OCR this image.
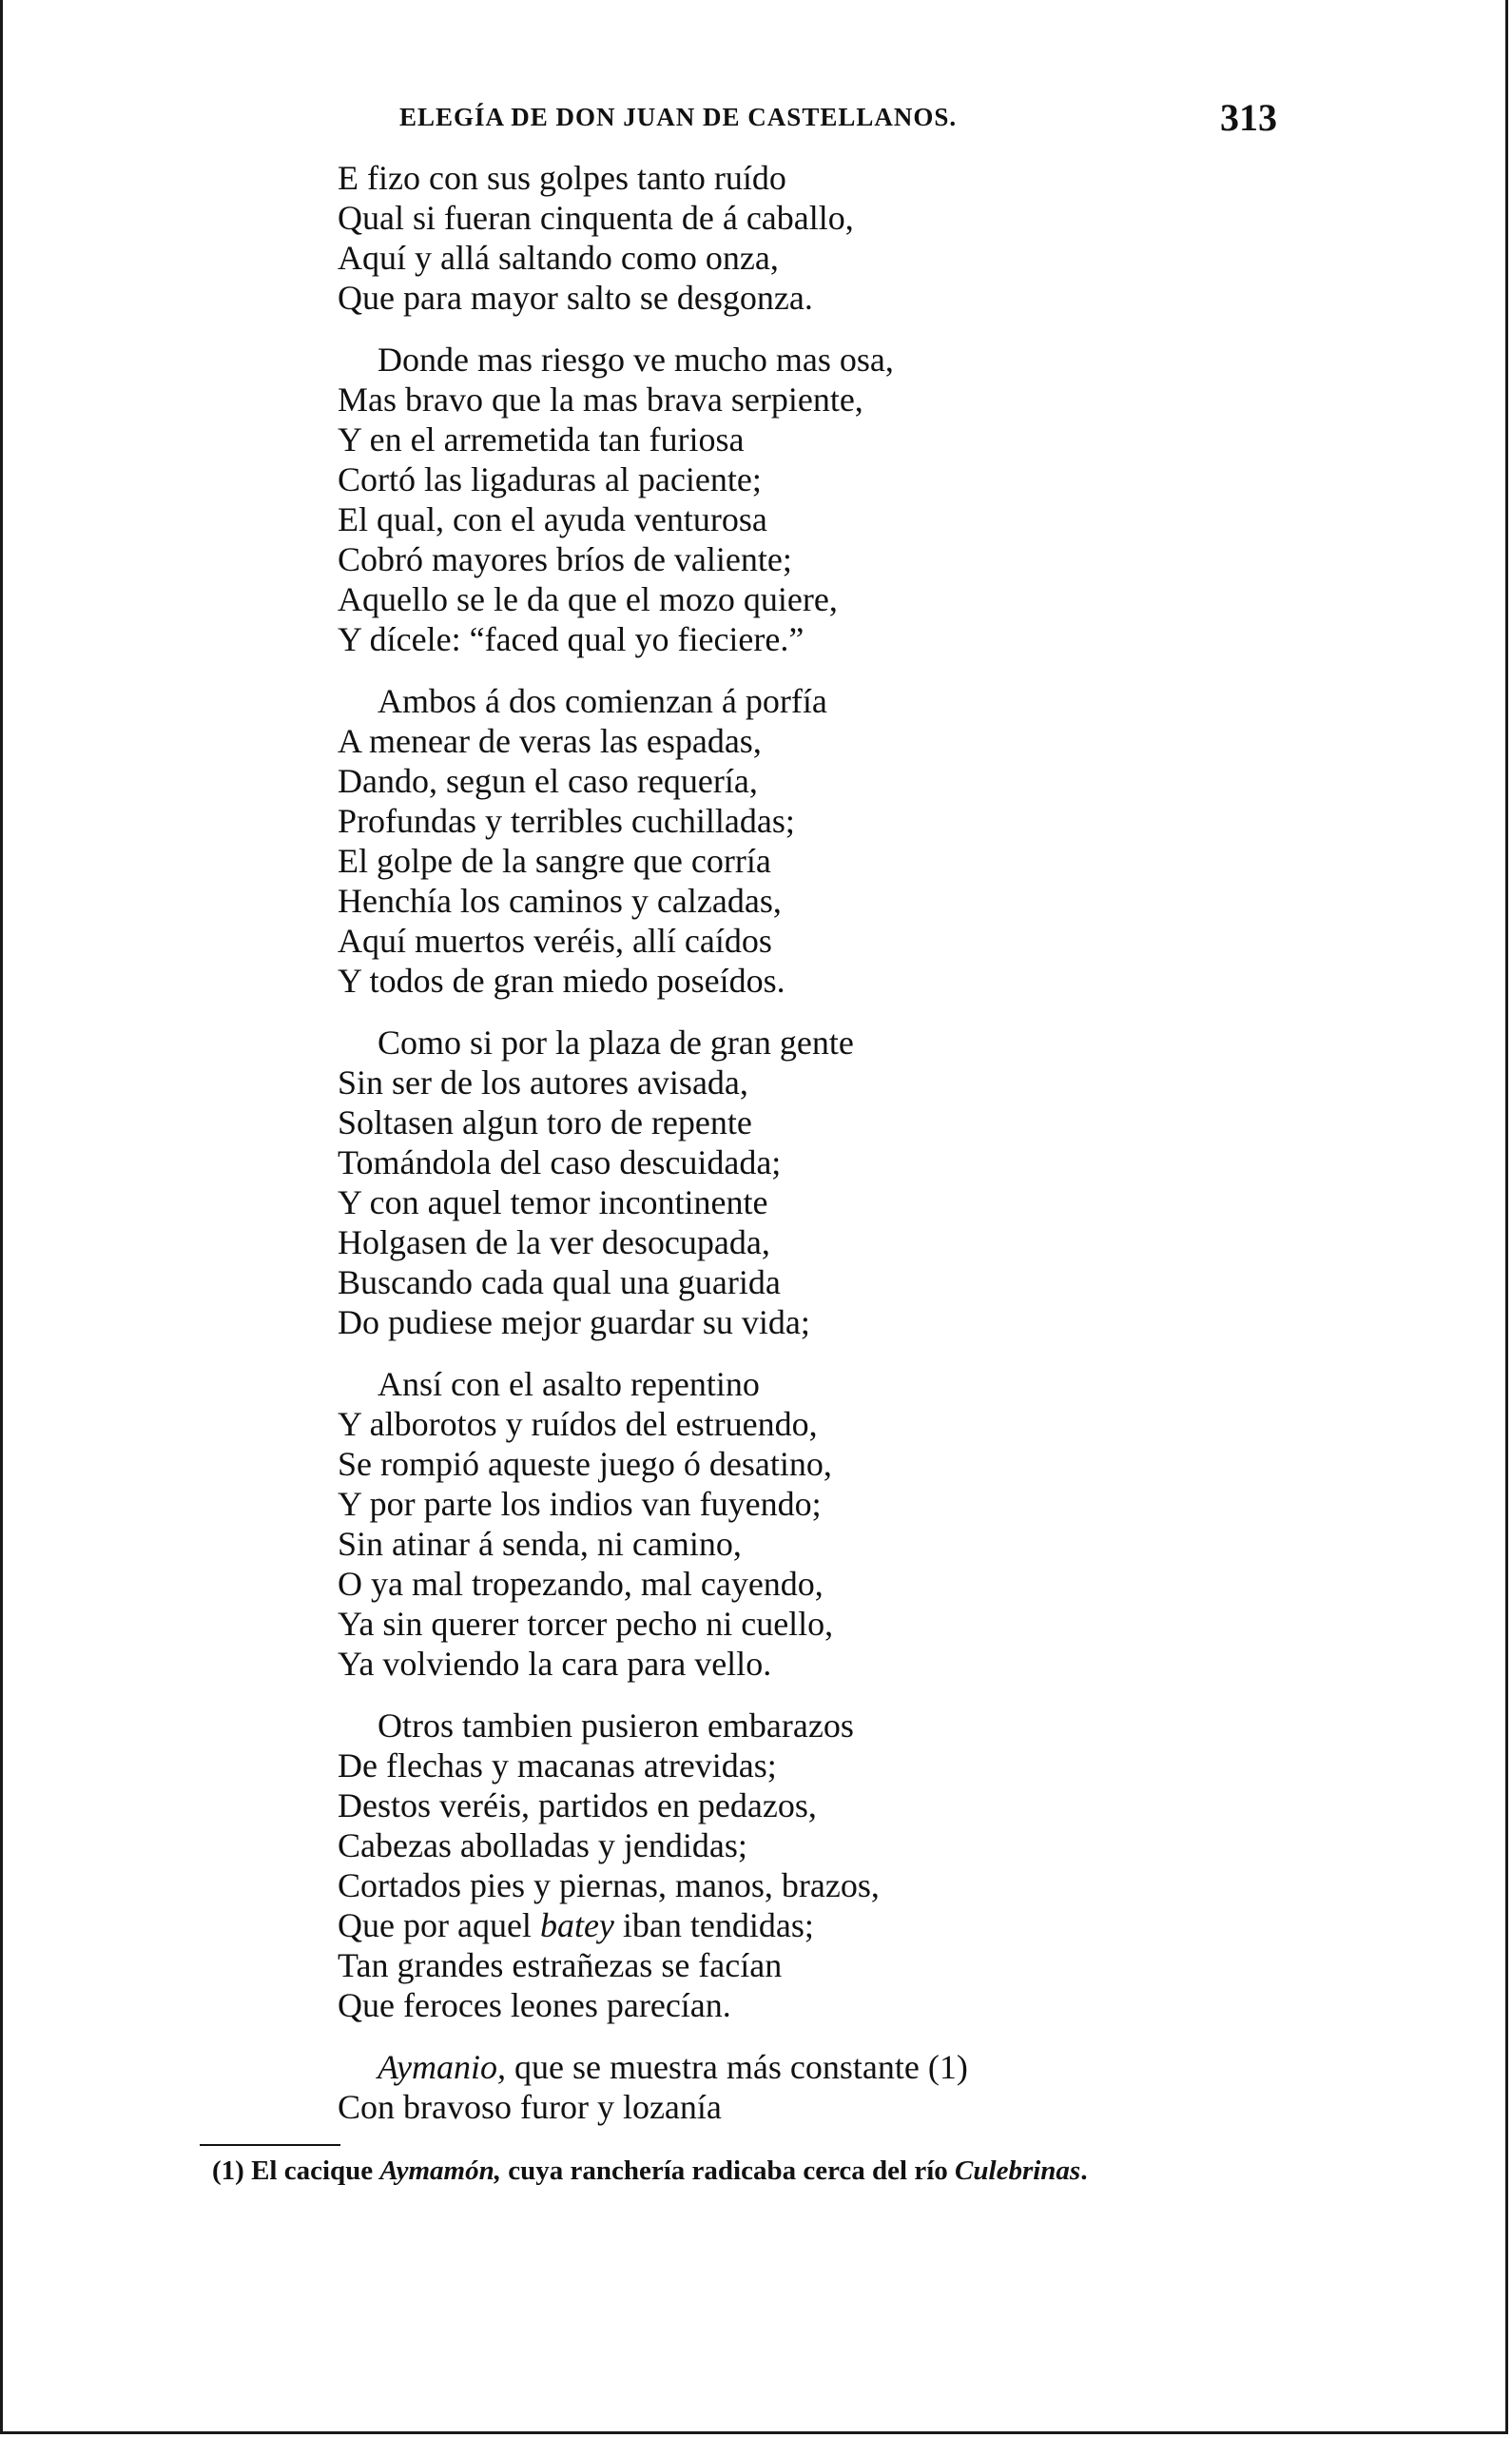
ELEGÍA DE DON JUAN DE CASTELLANOS.	313
E fizo con sus golpes tanto ruído
Qual si fueran cinquenta de á caballo,
Aquí y allá saltando como onza,
Que para mayor salto se desgonza.
Donde mas riesgo ve mucho mas osa,
Mas bravo que la mas brava serpiente,
Y en el arremetida tan furiosa
Cortó las ligaduras al paciente;
El qual, con el ayuda venturosa
Cobró mayores bríos de valiente;
Aquello se le da que el mozo quiere,
Y dícele: “faced qual yo fieciere.”
Ambos á dos comienzan á porfía
A menear de veras las espadas,
Dando, segun el caso requería,
Profundas y terribles cuchilladas;
El golpe de la sangre que corría
Henchía los caminos y calzadas,
Aquí muertos veréis, allí caídos
Y todos de gran miedo poseídos.
Como si por la plaza de gran gente
Sin ser de los autores avisada,
Soltasen algun toro de repente
Tomándola del caso descuidada;
Y con aquel temor incontinente
Holgasen de la ver desocupada,
Buscando cada qual una guarida
Do pudiese mejor guardar su vida;
Ansí con el asalto repentino
Y alborotos y ruídos del estruendo,
Se rompió aqueste juego ó desatino,
Y por parte los indios van fuyendo;
Sin atinar á senda, ni camino,
O ya mal tropezando, mal cayendo,
Ya sin querer torcer pecho ni cuello,
Ya volviendo la cara para vello.
Otros tambien pusieron embarazos
De flechas y macanas atrevidas;
Destos veréis, partidos en pedazos,
Cabezas abolladas y jendidas;
Cortados pies y piernas, manos, brazos,
Que por aquel batey iban tendidas;
Tan grandes estrañezas se facían
Que feroces leones parecían.
Aymanio, que se muestra más constante (1)
Con bravoso furor y lozanía
(1) El cacique Aymamón, cuya ranchería radicaba cerca del río Culebrinas.
